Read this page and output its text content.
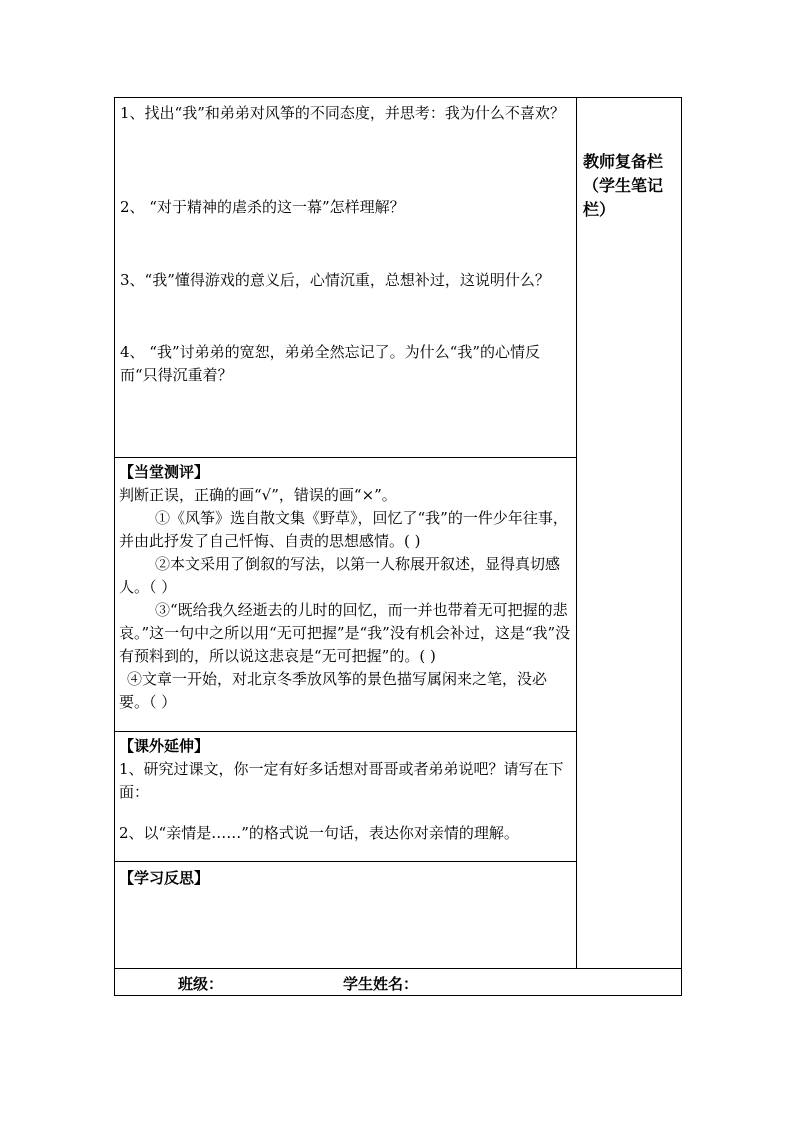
1、找出“我”和弟弟对风筝的不同态度，并思考：我为什么不喜欢？
2、 “对于精神的虐杀的这一幕”怎样理解？
3、“我”懂得游戏的意义后，心情沉重，总想补过，这说明什么？
4、 “我”讨弟弟的宽恕，弟弟全然忘记了。为什么“我”的心情反而“只得沉重着？
【当堂测评】

判断正误，正确的画“√”，错误的画“×”。

①《风筝》选自散文集《野草》，回忆了“我”的一件少年往事，并由此抒发了自己忏悔、自责的思想感情。( )

②本文采用了倒叙的写法，以第一人称展开叙述，显得真切感人。（ ）

③“既给我久经逝去的儿时的回忆，而一并也带着无可把握的悲哀。”这一句中之所以用“无可把握”是“我”没有机会补过，这是“我”没有预料到的，所以说这悲哀是“无可把握”的。( )

④文章一开始，对北京冬季放风筝的景色描写属闲来之笔，没必要。（ ）

【课外延伸】

1、研究过课文，你一定有好多话想对哥哥或者弟弟说吧？请写在下面：

2、以“亲情是……”的格式说一句话，表达你对亲情的理解。

【学习反思】
教师复备栏（学生笔记栏）
班级：	学生姓名：
